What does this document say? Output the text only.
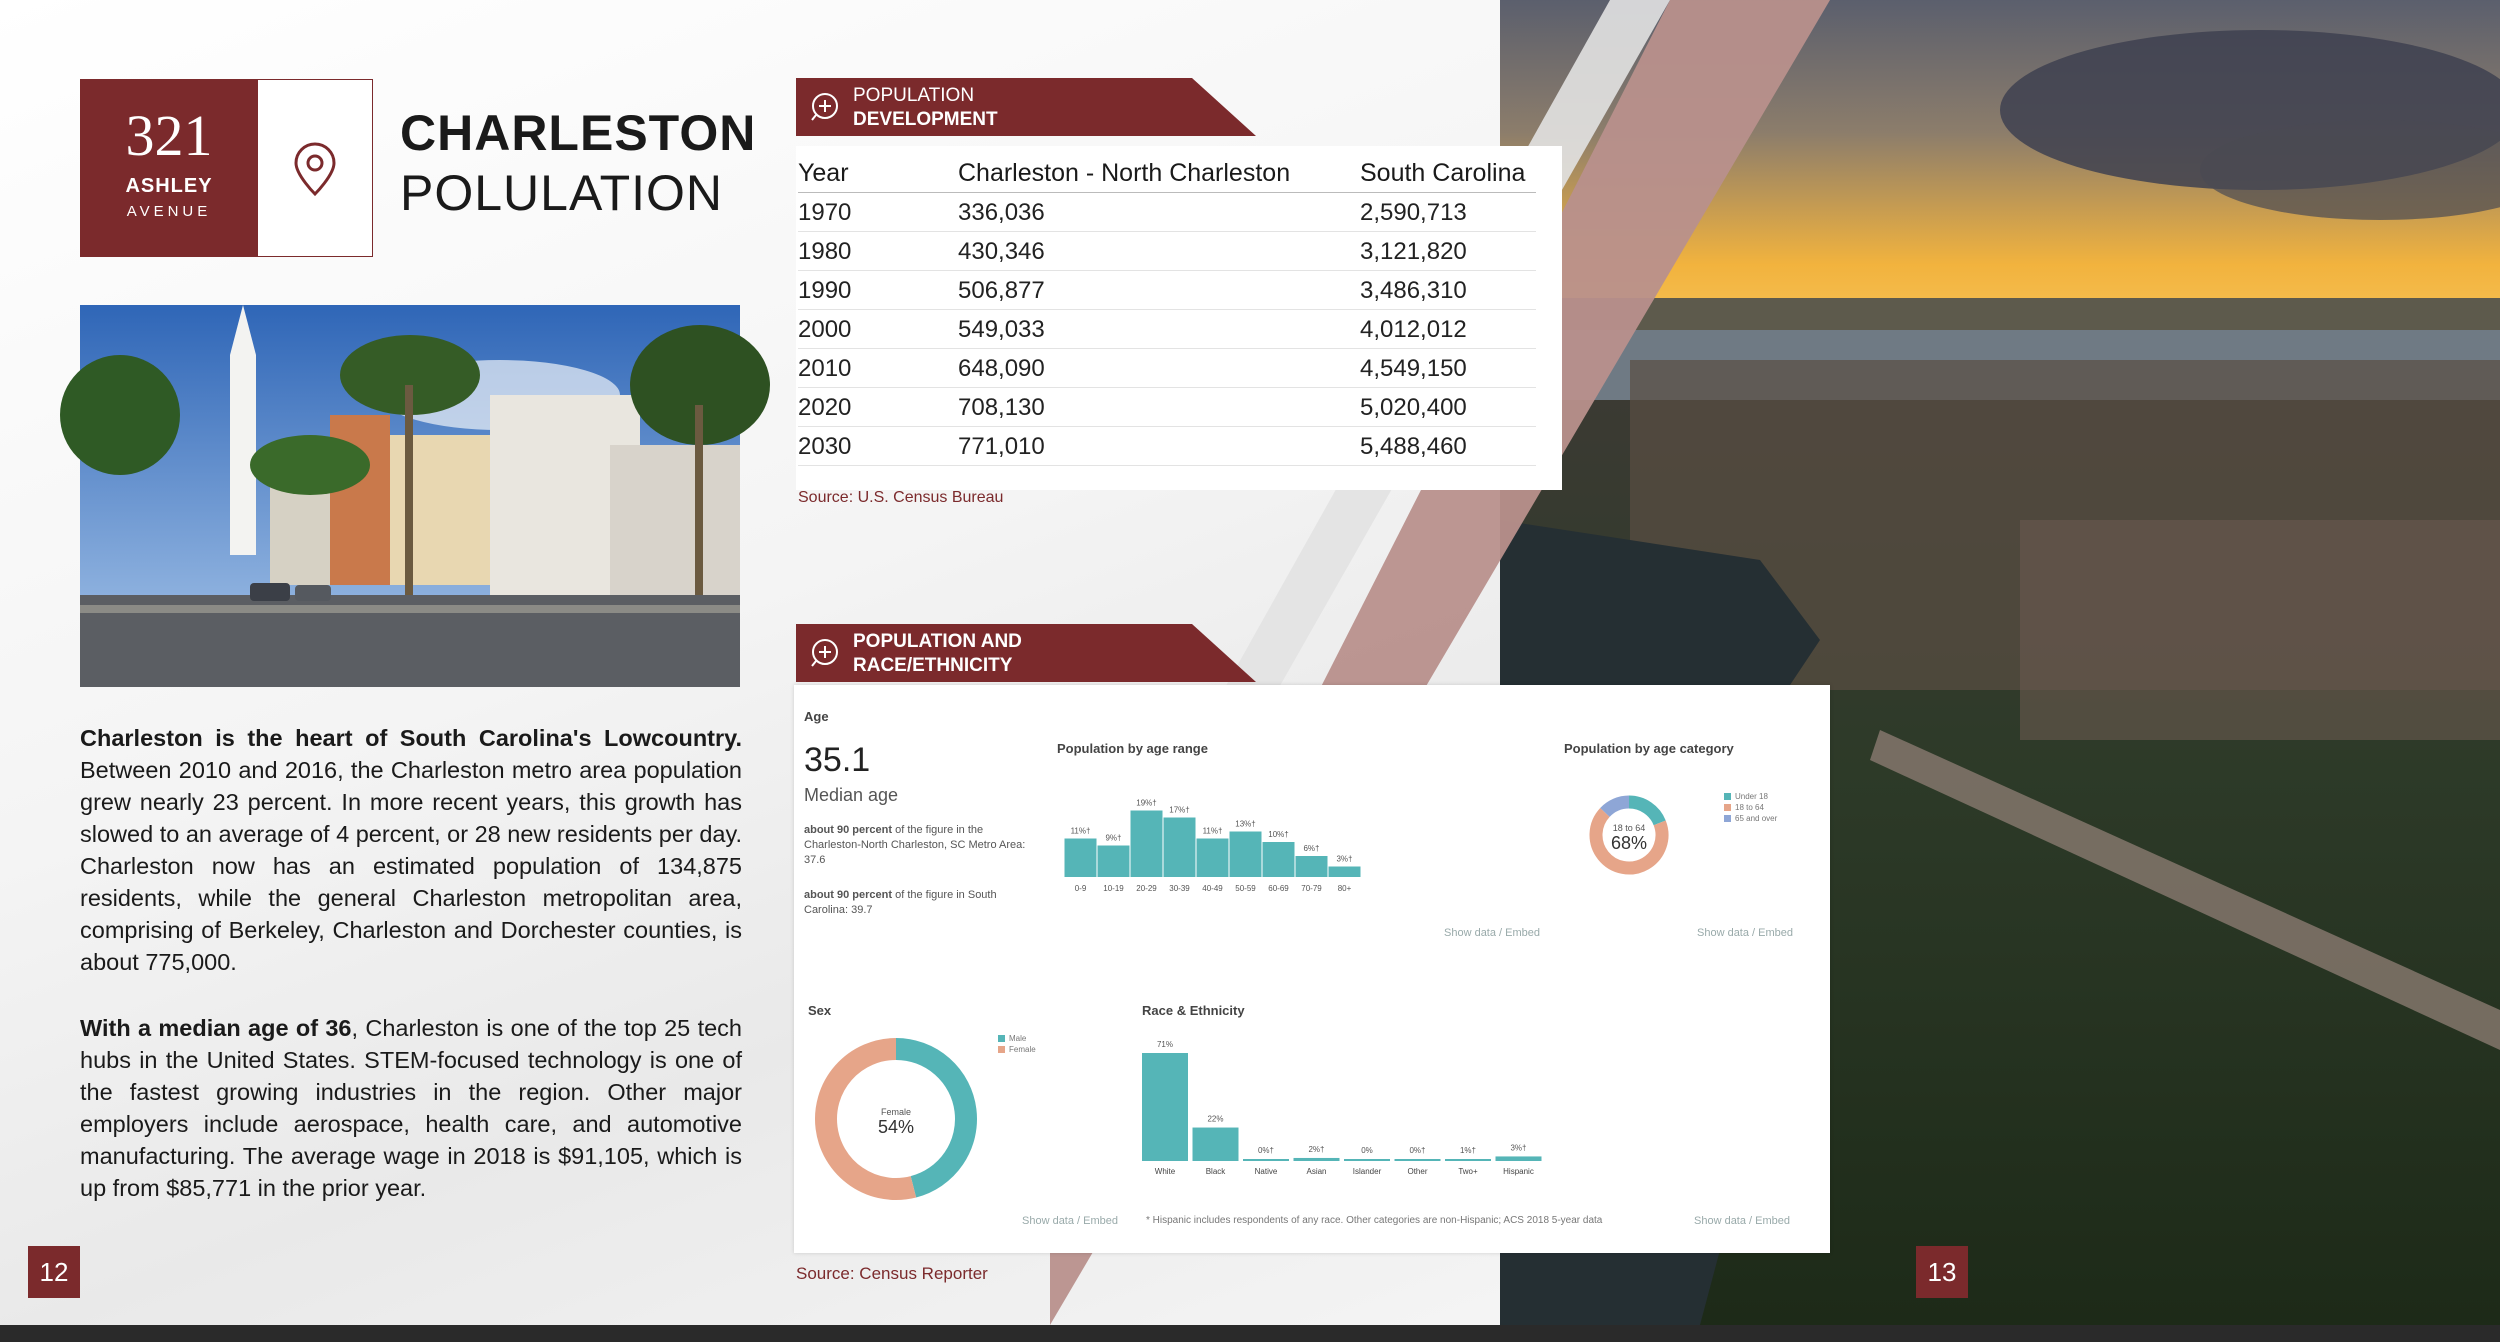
321
ASHLEY
AVENUE
CHARLESTON
POLULATION
Charleston is the heart of South Carolina's Lowcountry. Between 2010 and 2016, the Charleston metro area population grew nearly 23 percent. In more recent years, this growth has slowed to an average of 4 percent, or 28 new residents per day. Charleston now has an estimated population of 134,875 residents, while the general Charleston metropolitan area, comprising of Berkeley, Charleston and Dorchester counties, is about 775,000.
With a median age of 36, Charleston is one of the top 25 tech hubs in the United States. STEM-focused technology is one of the fastest growing industries in the region. Other major employers include aerospace, health care, and automotive manufacturing. The average wage in 2018 is $91,105, which is up from $85,771 in the prior year.
12	13
POPULATION
DEVELOPMENT
Year	Charleston - North Charleston	South Carolina
1970	336,036	2,590,713
1980	430,346	3,121,820
1990	506,877	3,486,310
2000	549,033	4,012,012
2010	648,090	4,549,150
2020	708,130	5,020,400
2030	771,010	5,488,460
Source: U.S. Census Bureau
POPULATION AND
RACE/ETHNICITY
Age
35.1
Median age
about 90 percent of the figure in the Charleston-North Charleston, SC Metro Area: 37.6
about 90 percent of the figure in South Carolina: 39.7
Population by age range
11%†
0-9
9%†
10-19
19%†
20-29
17%†
30-39
11%†
40-49
13%†
50-59
10%†
60-69
6%†
70-79
3%†
80+
Show data / Embed
Population by age category
18 to 64
68%
Under 18
18 to 64
65 and over
Show data / Embed
Sex
Female
54%
Male
Female
Show data / Embed
Race & Ethnicity
71%
White
22%
Black
0%†
Native
2%†
Asian
0%
Islander
0%†
Other
1%†
Two+
3%†
Hispanic
* Hispanic includes respondents of any race. Other categories are non-Hispanic; ACS 2018 5-year data	Show data / Embed
Source: Census Reporter
